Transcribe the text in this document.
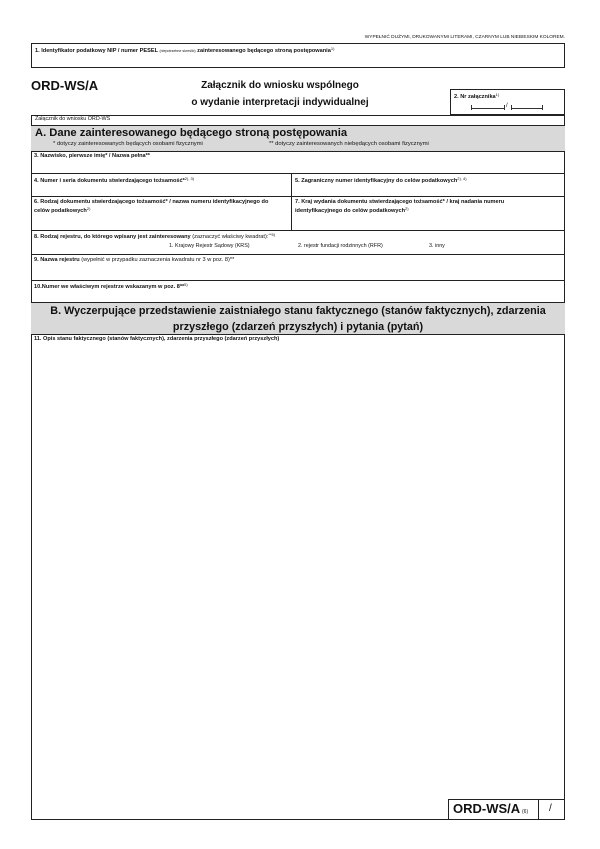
WYPEŁNIĆ DUŻYMI, DRUKOWANYMI LITERAMI, CZARNYM LUB NIEBIESKIM KOLOREM.
1. Identyfikator podatkowy NIP / numer PESEL (niepotrzebne skreślić) zainteresowanego będącego stroną postępowania$^{1)}$
ORD-WS/A	Załącznik do wniosku wspólnego
o wydanie interpretacji indywidualnej	2. Nr załącznika$^{1)}$
/
Załącznik do wniosku ORD-WS
A. Dane zainteresowanego będącego stroną postępowania
* dotyczy zainteresowanych będących osobami fizycznymi	** dotyczy zainteresowanych niebędących osobami fizycznymi
3. Nazwisko, pierwsze imię* / Nazwa pełna**
4. Numer i seria dokumentu stwierdzającego tożsamość*$^{2), 3)}$	5. Zagraniczny numer identyfikacyjny do celów podatkowych$^{2), 4)}$
6. Rodzaj dokumentu stwierdzającego tożsamość* / nazwa numeru identyfikacyjnego do celów podatkowych$^{2)}$
7. Kraj wydania dokumentu stwierdzającego tożsamość* / kraj nadania numeru identyfikacyjnego do celów podatkowych$^{2)}$
8. Rodzaj rejestru, do którego wpisany jest zainteresowany (zaznaczyć właściwy kwadrat):$^{**5)}$
1. Krajowy Rejestr Sądowy (KRS)	2. rejestr fundacji rodzinnych (RFR)	3. inny
9. Nazwa rejestru (wypełnić w przypadku zaznaczenia kwadratu nr 3 w poz. 8)**
10.Numer we właściwym rejestrze wskazanym w poz. 8**$^{5)}$
B. Wyczerpujące przedstawienie zaistniałego stanu faktycznego (stanów faktycznych), zdarzenia przyszłego (zdarzeń przyszłych) i pytania (pytań)
11. Opis stanu faktycznego (stanów faktycznych), zdarzenia przyszłego (zdarzeń przyszłych)
ORD-WS/A (6) /
